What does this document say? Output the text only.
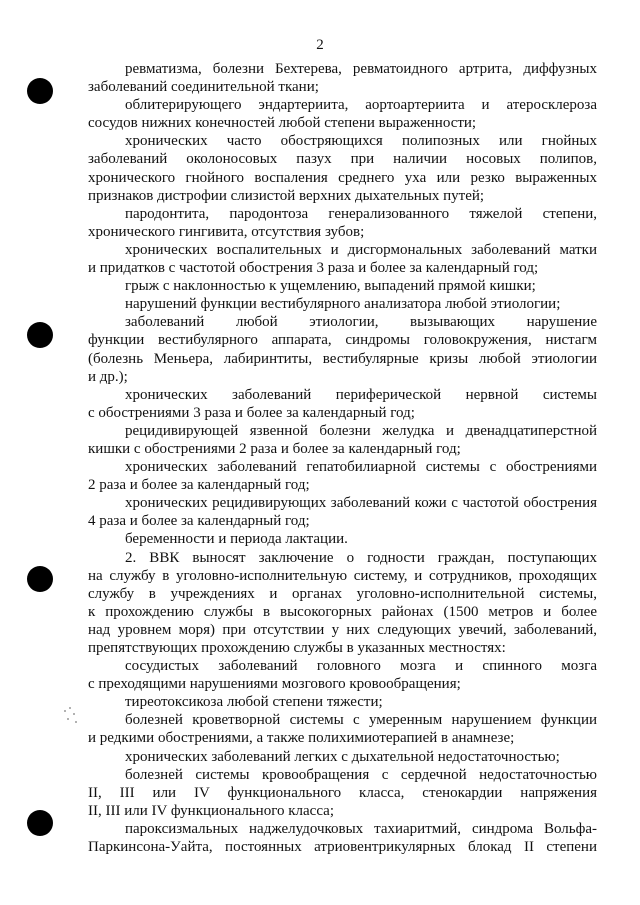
2
ревматизма, болезни Бехтерева, ревматоидного артрита, диффузных
заболеваний соединительной ткани;
облитерирующего эндартериита, аортоартериита и атеросклероза
сосудов нижних конечностей любой степени выраженности;
хронических часто обостряющихся полипозных или гнойных
заболеваний околоносовых пазух при наличии носовых полипов,
хронического гнойного воспаления среднего уха или резко выраженных
признаков дистрофии слизистой верхних дыхательных путей;
пародонтита, пародонтоза генерализованного тяжелой степени,
хронического гингивита, отсутствия зубов;
хронических воспалительных и дисгормональных заболеваний матки
и придатков с частотой обострения 3 раза и более за календарный год;
грыж с наклонностью к ущемлению, выпадений прямой кишки;
нарушений функции вестибулярного анализатора любой этиологии;
заболеваний любой этиологии, вызывающих нарушение
функции вестибулярного аппарата, синдромы головокружения, нистагм
(болезнь Меньера, лабиринтиты, вестибулярные кризы любой этиологии
и др.);
хронических заболеваний периферической нервной системы
с обострениями 3 раза и более за календарный год;
рецидивирующей язвенной болезни желудка и двенадцатиперстной
кишки с обострениями 2 раза и более за календарный год;
хронических заболеваний гепатобилиарной системы с обострениями
2 раза и более за календарный год;
хронических рецидивирующих заболеваний кожи с частотой обострения
4 раза и более за календарный год;
беременности и периода лактации.
2. ВВК выносят заключение о годности граждан, поступающих
на службу в уголовно-исполнительную систему, и сотрудников, проходящих
службу в учреждениях и органах уголовно-исполнительной системы,
к прохождению службы в высокогорных районах (1500 метров и более
над уровнем моря) при отсутствии у них следующих увечий, заболеваний,
препятствующих прохождению службы в указанных местностях:
сосудистых заболеваний головного мозга и спинного мозга
с преходящими нарушениями мозгового кровообращения;
тиреотоксикоза любой степени тяжести;
болезней кроветворной системы с умеренным нарушением функции
и редкими обострениями, а также полихимиотерапией в анамнезе;
хронических заболеваний легких с дыхательной недостаточностью;
болезней системы кровообращения с сердечной недостаточностью
II, III или IV функционального класса, стенокардии напряжения
II, III или IV функционального класса;
пароксизмальных наджелудочковых тахиаритмий, синдрома Вольфа-
Паркинсона-Уайта, постоянных атриовентрикулярных блокад II степени
